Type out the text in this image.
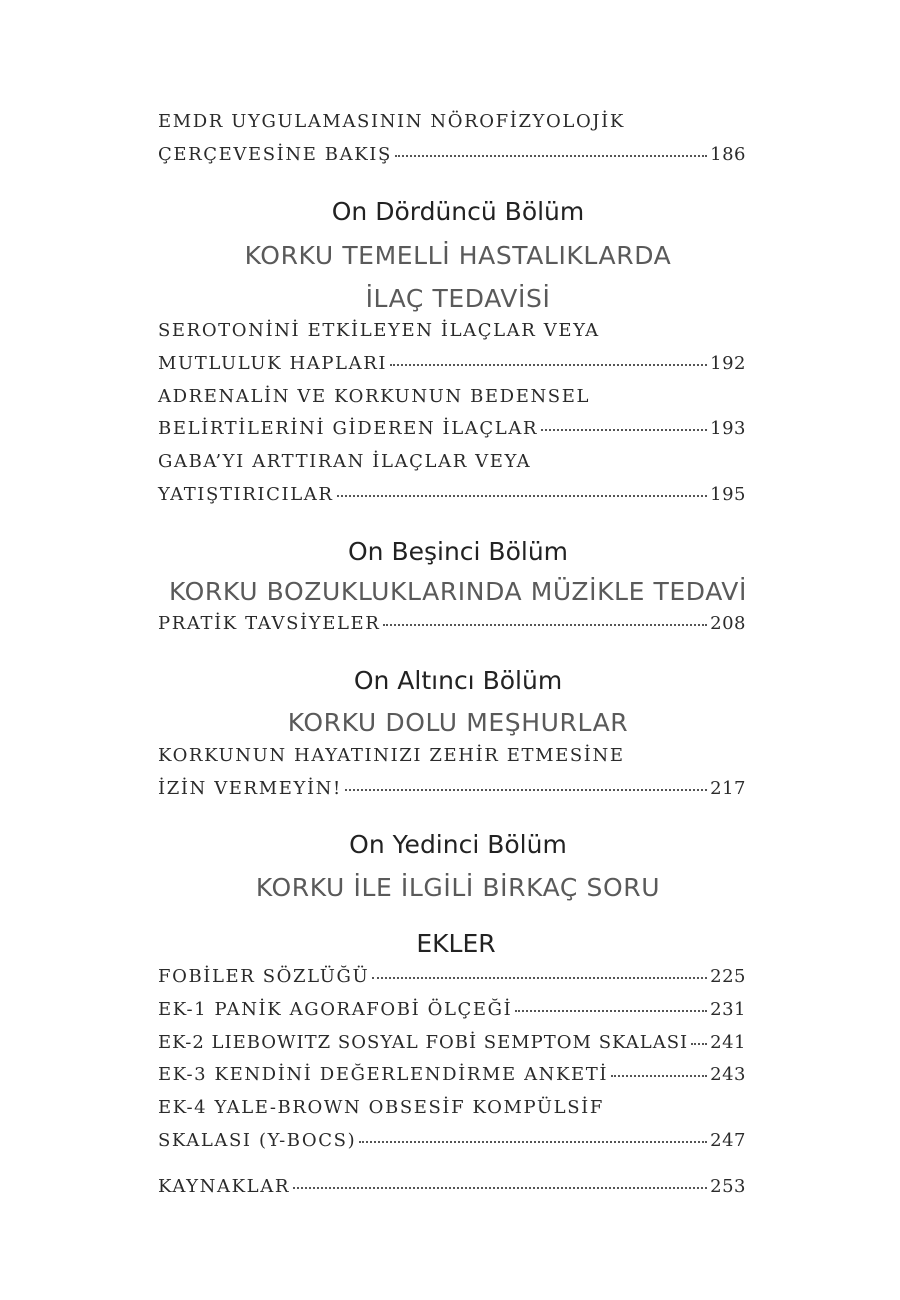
EMDR UYGULAMASININ NÖROFİZYOLOJİK
ÇERÇEVESİNE BAKIŞ	186
On Dördüncü Bölüm
KORKU TEMELLİ HASTALIKLARDA
İLAÇ TEDAVİSİ
SEROTONİNİ ETKİLEYEN İLAÇLAR VEYA
MUTLULUK HAPLARI	192
ADRENALİN VE KORKUNUN BEDENSEL
BELİRTİLERİNİ GİDEREN İLAÇLAR	193
GABA’YI ARTTIRAN İLAÇLAR VEYA
YATIŞTIRICILAR	195
On Beşinci Bölüm
KORKU BOZUKLUKLARINDA MÜZİKLE TEDAVİ
PRATİK TAVSİYELER	208
On Altıncı Bölüm
KORKU DOLU MEŞHURLAR
KORKUNUN HAYATINIZI ZEHİR ETMESİNE
İZİN VERMEYİN!	217
On Yedinci Bölüm
KORKU İLE İLGİLİ BİRKAÇ SORU
EKLER
FOBİLER SÖZLÜĞÜ	225
EK-1 PANİK AGORAFOBİ ÖLÇEĞİ	231
EK-2 LIEBOWITZ SOSYAL FOBİ SEMPTOM SKALASI 241
EK-3 KENDİNİ DEĞERLENDİRME ANKETİ	243
EK-4 YALE-BROWN OBSESİF KOMPÜLSİF
SKALASI (Y-BOCS)	247
KAYNAKLAR	253
